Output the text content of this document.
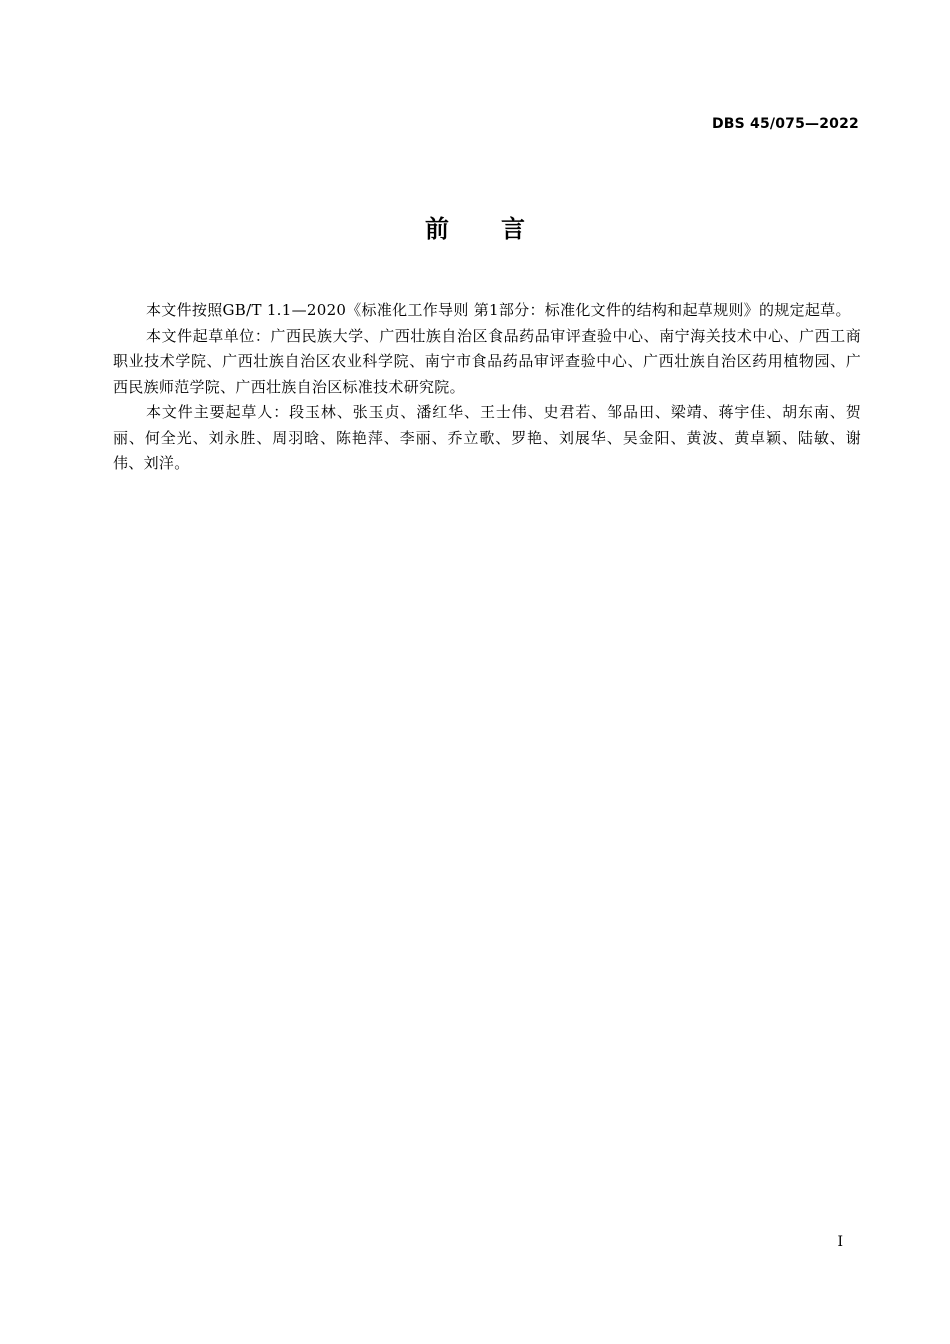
DBS 45/075—2022
前言

本文件按照GB/T 1.1—2020《标准化工作导则 第1部分：标准化文件的结构和起草规则》的规定起草。

本文件起草单位：广西民族大学、广西壮族自治区食品药品审评查验中心、南宁海关技术中心、广西工商职业技术学院、广西壮族自治区农业科学院、南宁市食品药品审评查验中心、广西壮族自治区药用植物园、广西民族师范学院、广西壮族自治区标准技术研究院。

本文件主要起草人：段玉林、张玉贞、潘红华、王士伟、史君若、邹品田、梁靖、蒋宇佳、胡东南、贺丽、何全光、刘永胜、周羽晗、陈艳萍、李丽、乔立歌、罗艳、刘展华、吴金阳、黄波、黄卓颖、陆敏、谢伟、刘洋。

I
